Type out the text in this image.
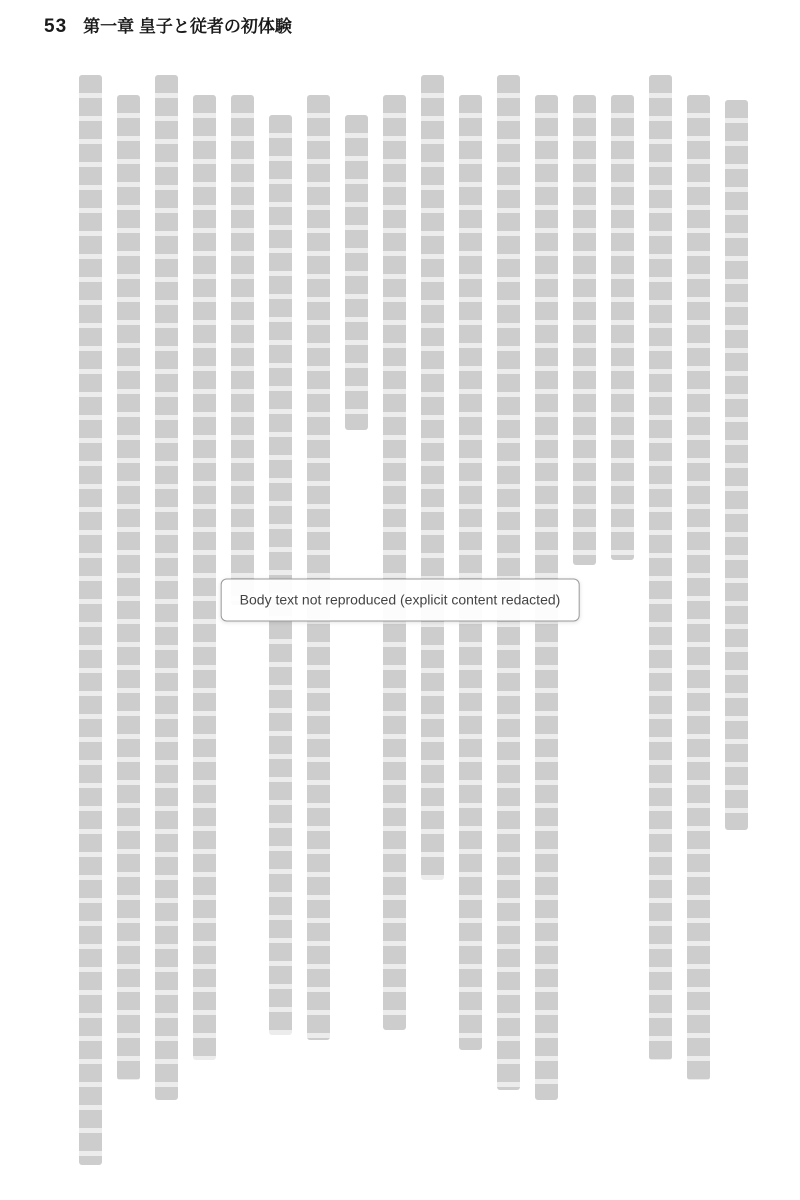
53 第一章 皇子と従者の初体験
Body text not reproduced (explicit content redacted)
